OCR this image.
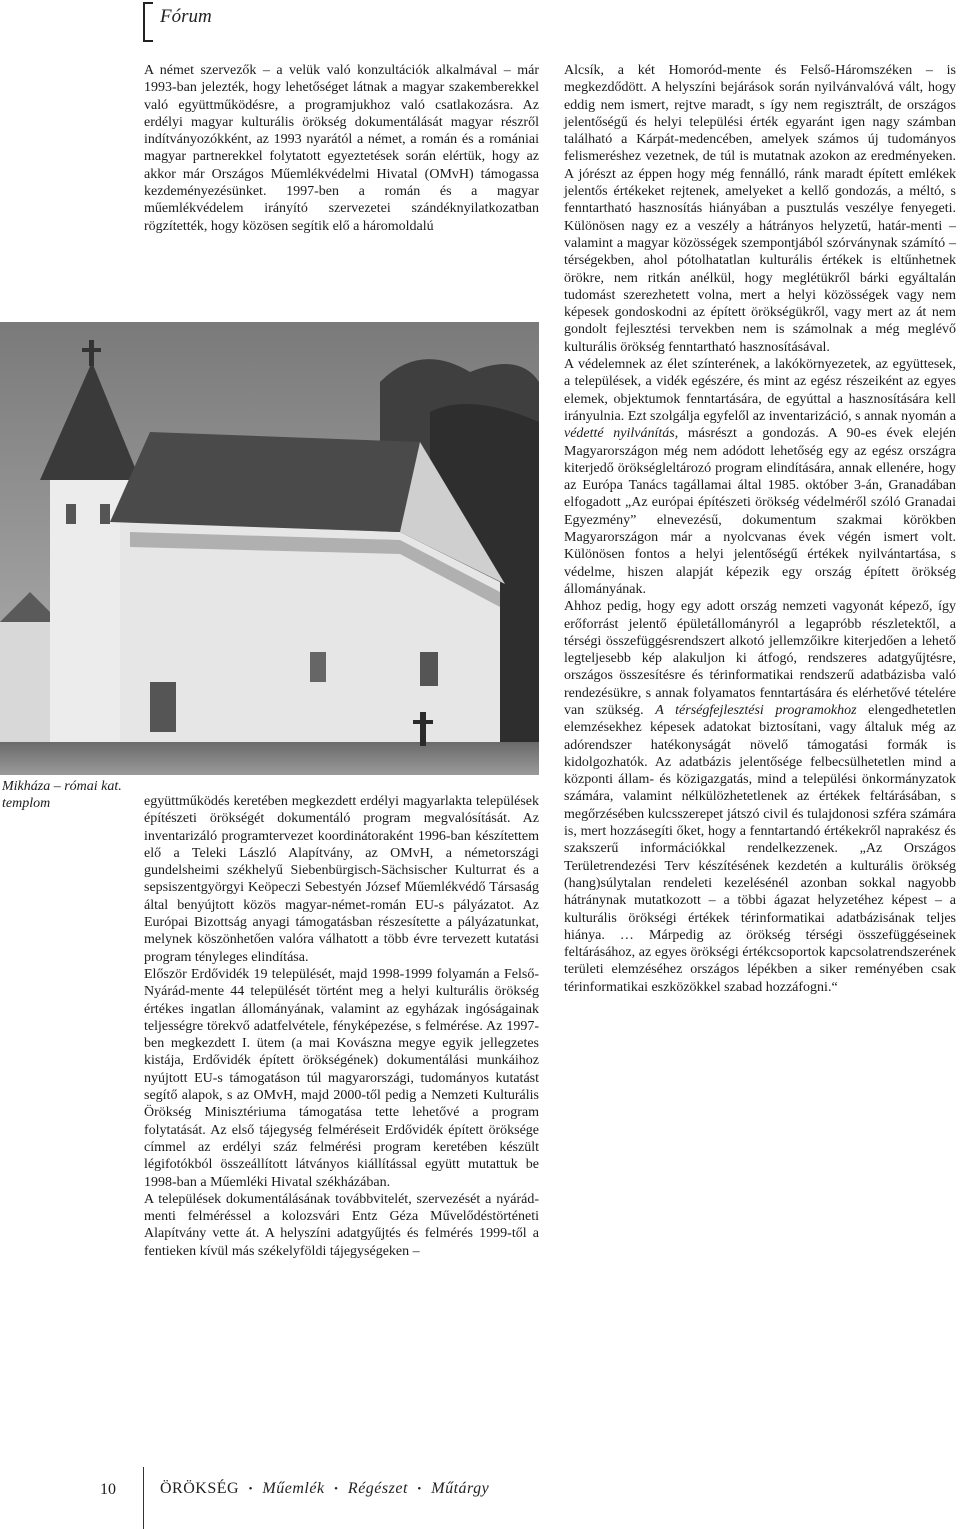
Fórum

A német szervezők – a velük való konzultációk alkalmával – már 1993-ban jelezték, hogy lehetőséget látnak a magyar szakemberekkel való együttműködésre, a programjukhoz való csatlakozásra. Az erdélyi magyar kulturális örökség dokumentálását magyar részről indítványozókként, az 1993 nyarától a német, a román és a romániai magyar partnerekkel folytatott egyeztetések során elértük, hogy az akkor már Országos Műemlékvédelmi Hivatal (OMvH) támogassa kezdeményezésünket. 1997-ben a román és a magyar műemlékvédelem irányító szervezetei szándéknyilatkozatban rögzítették, hogy közösen segítik elő a háromoldalú

Mikháza – római kat. templom	együttműködés keretében megkezdett erdélyi magyarlakta települések építészeti örökségét dokumentáló program megvalósítását. Az inventarizáló programtervezet koordinátoraként 1996-ban készítettem elő a Teleki László Alapítvány, az OMvH, a németországi gundelsheimi székhelyű Siebenbürgisch-Sächsischer Kulturrat és a sepsiszentgyörgyi Keöpeczi Sebestyén József Műemlékvédő Társaság által benyújtott közös magyar-német-román EU-s pályázatot. Az Európai Bizottság anyagi támogatásban részesítette a pályázatunkat, melynek köszönhetően valóra válhatott a több évre tervezett kutatási program tényleges elindítása.

Először Erdővidék 19 települését, majd 1998-1999 folyamán a Felső-Nyárád-mente 44 települését történt meg a helyi kulturális örökség értékes ingatlan állományának, valamint az egyházak ingóságainak teljességre törekvő adatfelvétele, fényképezése, s felmérése. Az 1997-ben megkezdett I. ütem (a mai Kovászna megye egyik jellegzetes kistája, Erdővidék épített örökségének) dokumentálási munkáihoz nyújtott EU-s támogatáson túl magyarországi, tudományos kutatást segítő alapok, s az OMvH, majd 2000-től pedig a Nemzeti Kulturális Örökség Minisztériuma támogatása tette lehetővé a program folytatását. Az első tájegység felméréseit Erdővidék épített öröksége címmel az erdélyi száz felmérési program keretében készült légifotókból összeállított látványos kiállítással együtt mutattuk be 1998-ban a Műemléki Hivatal székházában.

A települések dokumentálásának továbbvitelét, szervezését a nyárád-menti felméréssel a kolozsvári Entz Géza Művelődéstörténeti Alapítvány vette át. A helyszíni adatgyűjtés és felmérés 1999-től a fentieken kívül más székelyföldi tájegységeken –

Alcsík, a két Homoród-mente és Felső-Háromszéken – is megkezdődött. A helyszíni bejárások során nyilvánvalóvá vált, hogy eddig nem ismert, rejtve maradt, s így nem regisztrált, de országos jelentőségű és helyi települési érték egyaránt igen nagy számban található a Kárpát-medencében, amelyek számos új tudományos felismeréshez vezetnek, de túl is mutatnak azokon az eredményeken. A jórészt az éppen hogy még fennálló, ránk maradt épített emlékek jelentős értékeket rejtenek, amelyeket a kellő gondozás, a méltó, s fenntartható hasznosítás hiányában a pusztulás veszélye fenyegeti. Különösen nagy ez a veszély a hátrányos helyzetű, határ-menti – valamint a magyar közösségek szempontjából szórványnak számító – térségekben, ahol pótolhatatlan kulturális értékek is eltűnhetnek örökre, nem ritkán anélkül, hogy meglétükről bárki egyáltalán tudomást szerezhetett volna, mert a helyi közösségek vagy nem képesek gondoskodni az épített örökségükről, vagy mert az át nem gondolt fejlesztési tervekben nem is számolnak a még meglévő kulturális örökség fenntartható hasznosításával.

A védelemnek az élet színterének, a lakókörnyezetek, az együttesek, a települések, a vidék egészére, és mint az egész részeiként az egyes elemek, objektumok fenntartására, de egyúttal a hasznosítására kell irányulnia. Ezt szolgálja egyfelől az inventarizáció, s annak nyomán a védetté nyilvánítás, másrészt a gondozás. A 90-es évek elején Magyarországon még nem adódott lehetőség egy az egész országra kiterjedő örökségleltározó program elindítására, annak ellenére, hogy az Európa Tanács tagállamai által 1985. október 3-án, Granadában elfogadott „Az európai építészeti örökség védelméről szóló Granadai Egyezmény” elnevezésű, dokumentum szakmai körökben Magyarországon már a nyolcvanas évek végén ismert volt. Különösen fontos a helyi jelentőségű értékek nyilvántartása, s védelme, hiszen alapját képezik egy ország épített örökség állományának.

Ahhoz pedig, hogy egy adott ország nemzeti vagyonát képező, így erőforrást jelentő épületállományról a legapróbb részletektől, a térségi összefüggésrendszert alkotó jellemzőikre kiterjedően a lehető legteljesebb kép alakuljon ki átfogó, rendszeres adatgyűjtésre, országos összesítésre és térinformatikai rendszerű adatbázisba való rendezésükre, s annak folyamatos fenntartására és elérhetővé tételére van szükség. A térségfejlesztési programokhoz elengedhetetlen elemzésekhez képesek adatokat biztosítani, vagy általuk még az adórendszer hatékonyságát növelő támogatási formák is kidolgozhatók. Az adatbázis jelentősége felbecsülhetetlen mind a központi állam- és közigazgatás, mind a települési önkormányzatok számára, valamint nélkülözhetetlenek az értékek feltárásában, s megőrzésében kulcsszerepet játszó civil és tulajdonosi szféra számára is, mert hozzásegíti őket, hogy a fenntartandó értékekről naprakész és szakszerű információkkal rendelkezzenek. „Az Országos Területrendezési Terv készítésének kezdetén a kulturális örökség (hang)súlytalan rendeleti kezelésénél azonban sokkal nagyobb hátránynak mutatkozott – a többi ágazat helyzetéhez képest – a kulturális örökségi értékek térinformatikai adatbázisának teljes hiánya. … Márpedig az örökség térségi összefüggéseinek feltárásához, az egyes örökségi értékcsoportok kapcsolatrendszerének területi elemzéséhez országos lépékben a siker reményében csak térinformatikai eszközökkel szabad hozzáfogni.“

10	ÖRÖKSÉG • Műemlék • Régészet • Műtárgy
